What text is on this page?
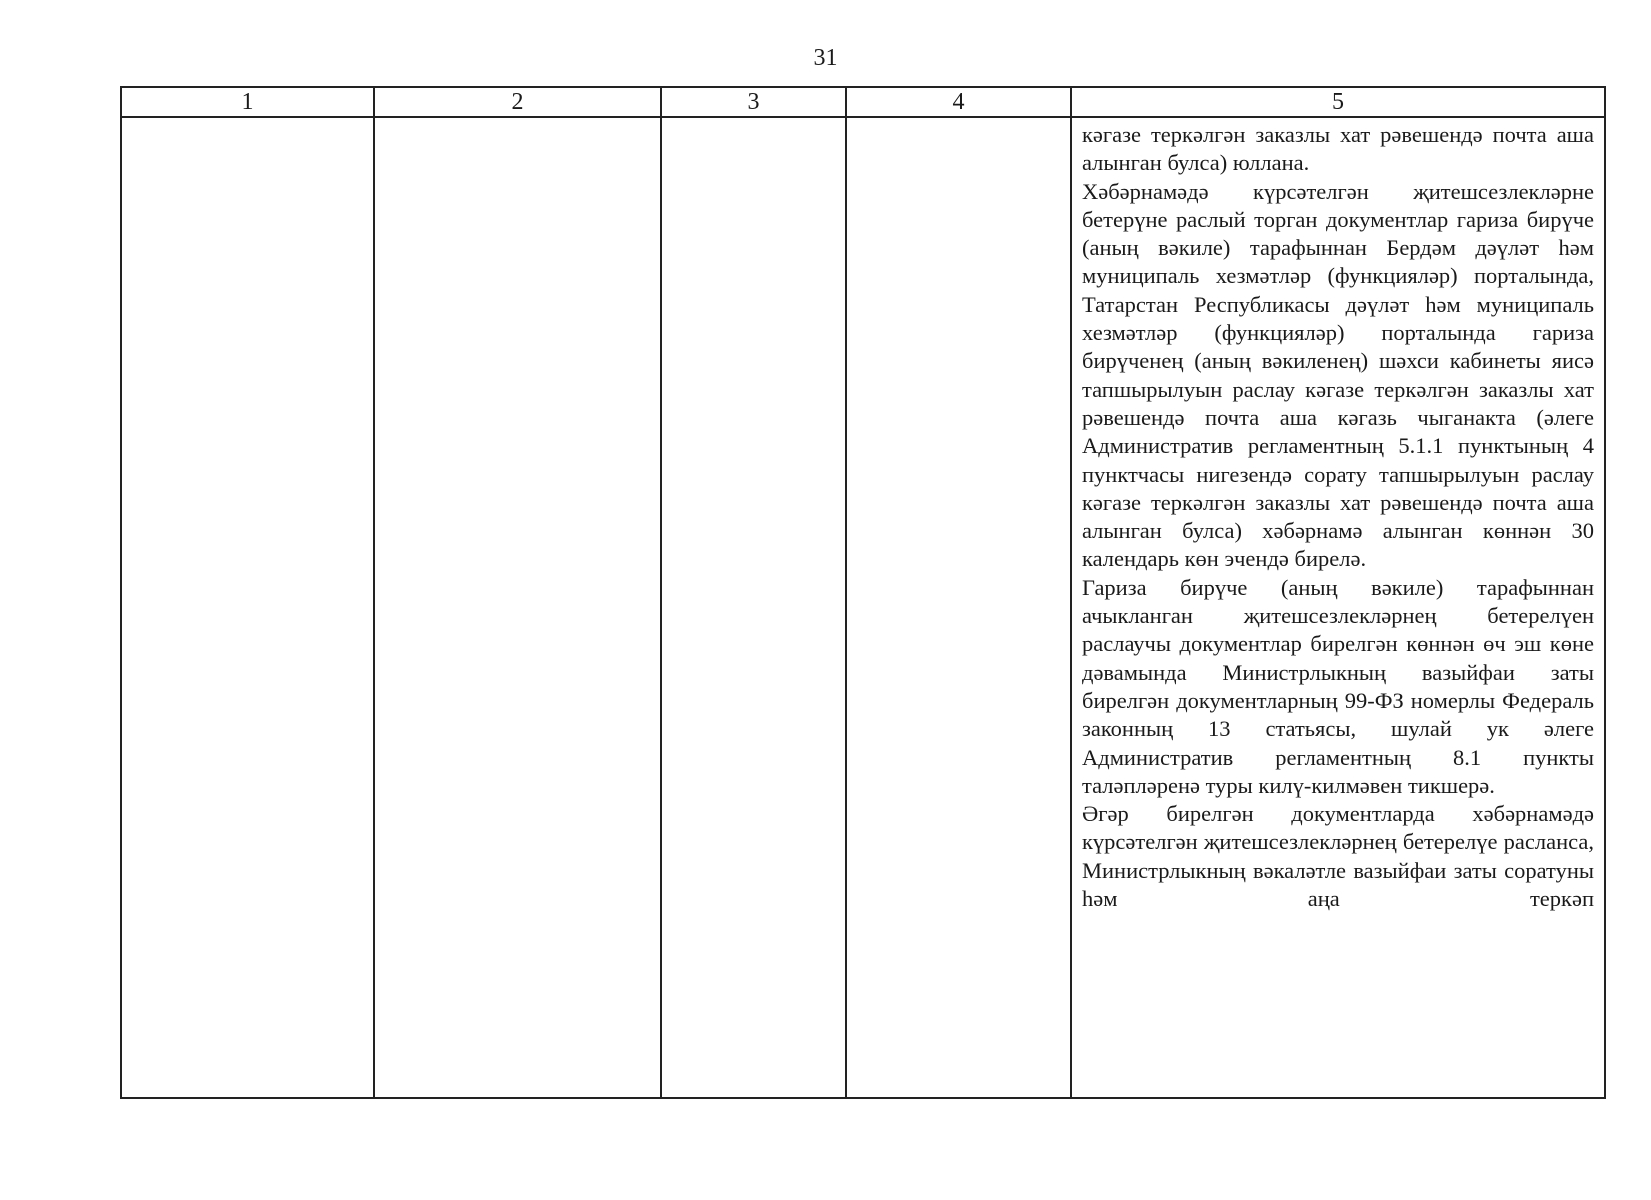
31
1	2	3	4	5

				кәгазе теркәлгән заказлы хат рәвешендә почта аша алынган булса) юллана.

Хәбәрнамәдә күрсәтелгән җитешсезлекләрне бетерүне раслый торган документлар гариза бирүче (аның вәкиле) тарафыннан Бердәм дәүләт һәм муниципаль хезмәтләр (функцияләр) порталында, Татарстан Республикасы дәүләт һәм муниципаль хезмәтләр (функцияләр) порталында гариза бирүченең (аның вәкиленең) шәхси кабинеты яисә тапшырылуын раслау кәгазе теркәлгән заказлы хат рәвешендә почта аша кәгазь чыганакта (әлеге Административ регламентның 5.1.1 пунктының 4 пунктчасы нигезендә сорату тапшырылуын раслау кәгазе теркәлгән заказлы хат рәвешендә почта аша алынган булса) хәбәрнамә алынган көннән 30 календарь көн эчендә бирелә.

Гариза бирүче (аның вәкиле) тарафыннан ачыкланган җитешсезлекләрнең бетерелүен раслаучы документлар бирелгән көннән өч эш көне дәвамында Министрлыкның вазыйфаи заты бирелгән документларның 99-ФЗ номерлы Федераль законның 13 статьясы, шулай ук әлеге Административ регламентның 8.1 пункты таләпләренә туры килү-килмәвен тикшерә.

Әгәр бирелгән документларда хәбәрнамәдә күрсәтелгән җитешсезлекләрнең бетерелүе расланса, Министрлыкның вәкаләтле вазыйфаи заты соратуны һәм аңа теркәп
